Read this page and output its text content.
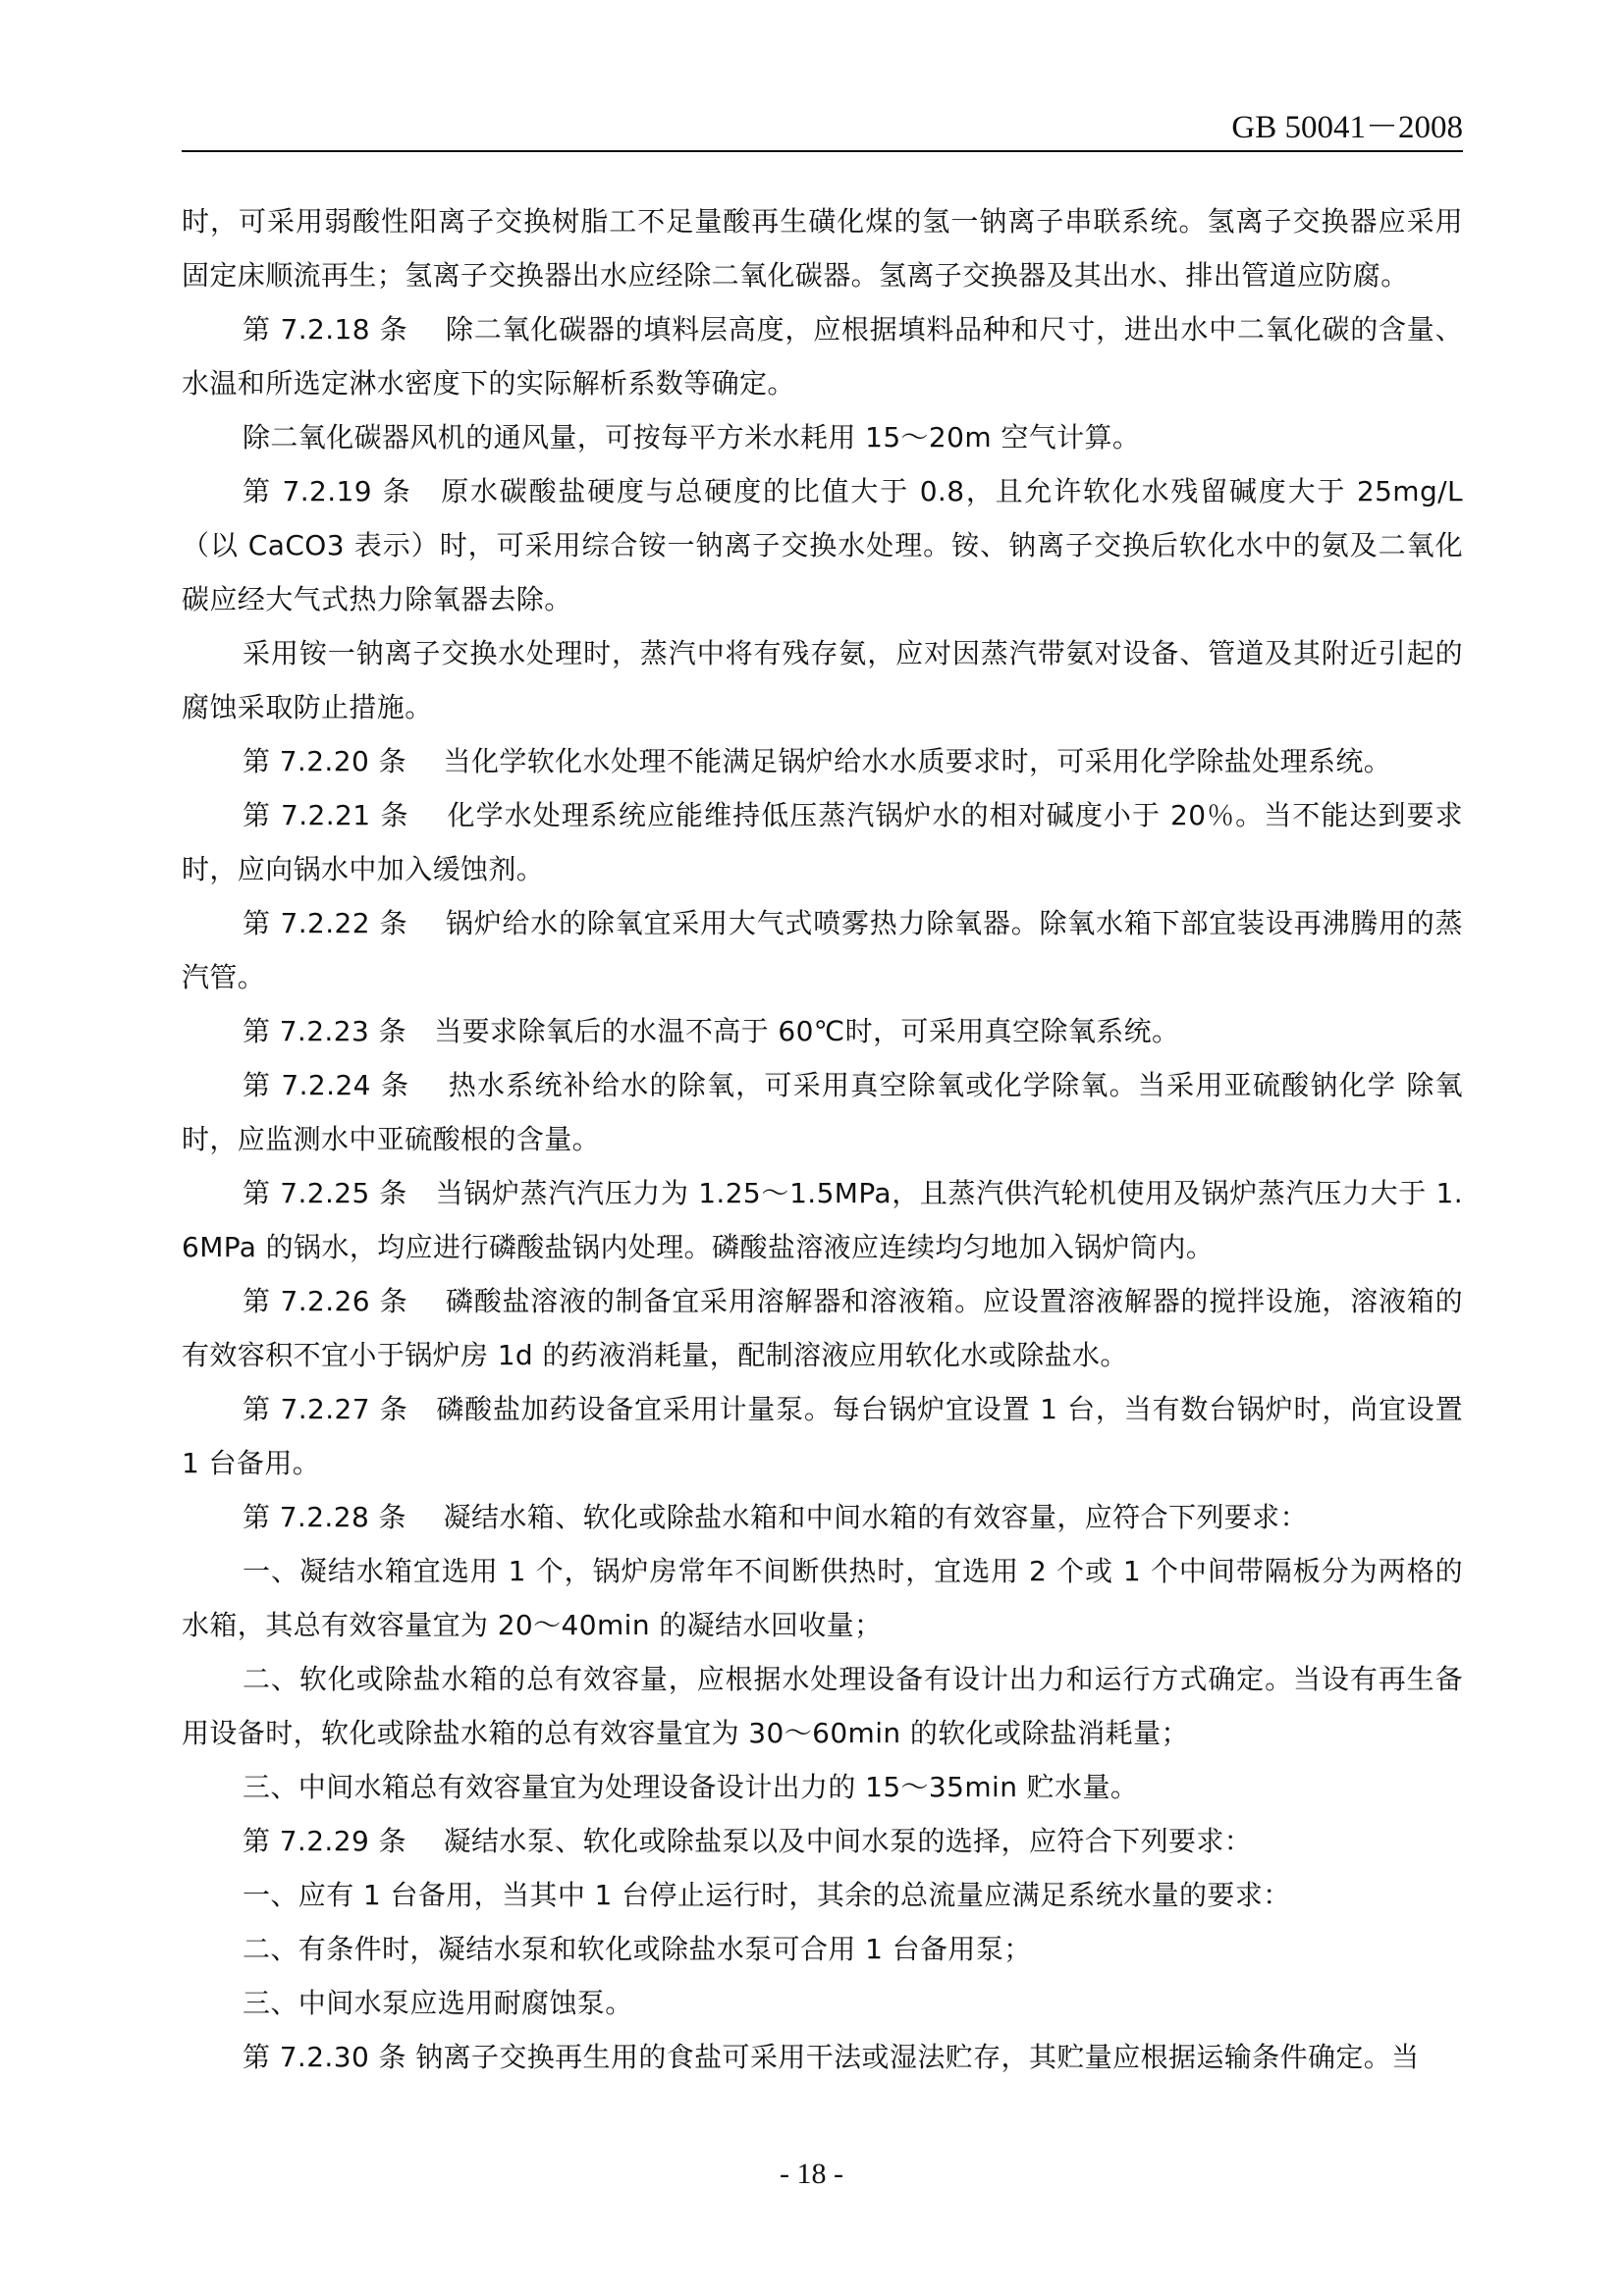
GB 50041－2008

时，可采用弱酸性阳离子交换树脂工不足量酸再生磺化煤的氢一钠离子串联系统。氢离子交换器应采用固定床顺流再生；氢离子交换器出水应经除二氧化碳器。氢离子交换器及其出水、排出管道应防腐。

第 7.2.18 条　 除二氧化碳器的填料层高度，应根据填料品种和尺寸，进出水中二氧化碳的含量、水温和所选定淋水密度下的实际解析系数等确定。

除二氧化碳器风机的通风量，可按每平方米水耗用 15～20m 空气计算。

第 7.2.19 条　原水碳酸盐硬度与总硬度的比值大于 0.8，且允许软化水残留碱度大于 25mg/L（以 CaCO3 表示）时，可采用综合铵一钠离子交换水处理。铵、钠离子交换后软化水中的氨及二氧化碳应经大气式热力除氧器去除。

采用铵一钠离子交换水处理时，蒸汽中将有残存氨，应对因蒸汽带氨对设备、管道及其附近引起的腐蚀采取防止措施。

第 7.2.20 条　 当化学软化水处理不能满足锅炉给水水质要求时，可采用化学除盐处理系统。

第 7.2.21 条　 化学水处理系统应能维持低压蒸汽锅炉水的相对碱度小于 20％。当不能达到要求时，应向锅水中加入缓蚀剂。

第 7.2.22 条　 锅炉给水的除氧宜采用大气式喷雾热力除氧器。除氧水箱下部宜装设再沸腾用的蒸汽管。

第 7.2.23 条　当要求除氧后的水温不高于 60℃时，可采用真空除氧系统。

第 7.2.24 条　 热水系统补给水的除氧，可采用真空除氧或化学除氧。当采用亚硫酸钠化学 除氧时，应监测水中亚硫酸根的含量。

第 7.2.25 条　当锅炉蒸汽汽压力为 1.25～1.5MPa，且蒸汽供汽轮机使用及锅炉蒸汽压力大于 1.6MPa 的锅水，均应进行磷酸盐锅内处理。磷酸盐溶液应连续均匀地加入锅炉筒内。

第 7.2.26 条　 磷酸盐溶液的制备宜采用溶解器和溶液箱。应设置溶液解器的搅拌设施，溶液箱的有效容积不宜小于锅炉房 1d 的药液消耗量，配制溶液应用软化水或除盐水。

第 7.2.27 条　磷酸盐加药设备宜采用计量泵。每台锅炉宜设置 1 台，当有数台锅炉时，尚宜设置 1 台备用。

第 7.2.28 条　 凝结水箱、软化或除盐水箱和中间水箱的有效容量，应符合下列要求：

一、凝结水箱宜选用 1 个，锅炉房常年不间断供热时，宜选用 2 个或 1 个中间带隔板分为两格的水箱，其总有效容量宜为 20～40min 的凝结水回收量；

二、软化或除盐水箱的总有效容量，应根据水处理设备有设计出力和运行方式确定。当设有再生备用设备时，软化或除盐水箱的总有效容量宜为 30～60min 的软化或除盐消耗量；

三、中间水箱总有效容量宜为处理设备设计出力的 15～35min 贮水量。

第 7.2.29 条　 凝结水泵、软化或除盐泵以及中间水泵的选择，应符合下列要求：

一、应有 1 台备用，当其中 1 台停止运行时，其余的总流量应满足系统水量的要求：

二、有条件时，凝结水泵和软化或除盐水泵可合用 1 台备用泵；

三、中间水泵应选用耐腐蚀泵。

第 7.2.30 条 钠离子交换再生用的食盐可采用干法或湿法贮存，其贮量应根据运输条件确定。当

- 18 -
